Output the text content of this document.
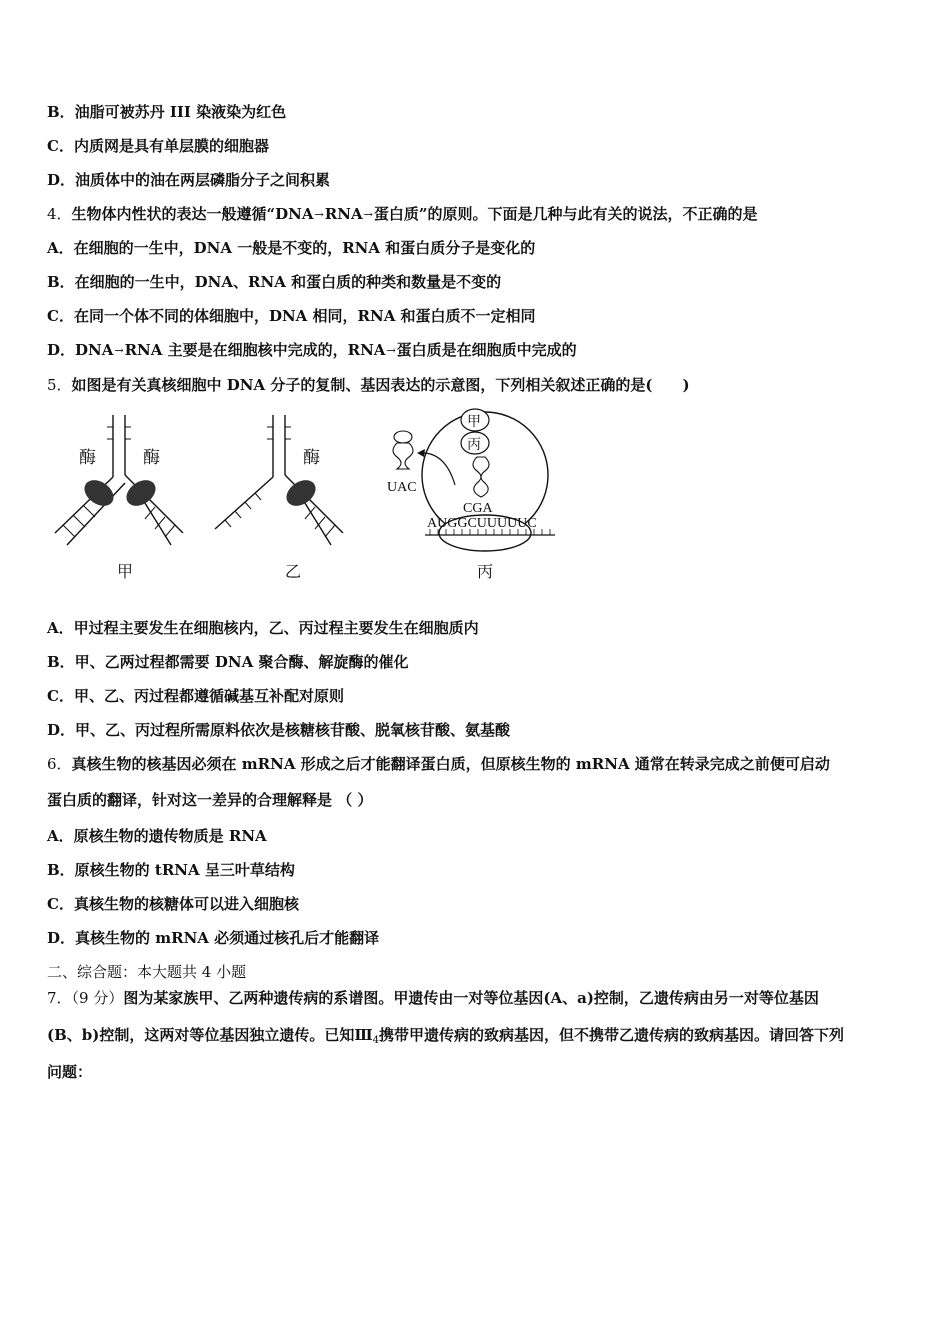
B．油脂可被苏丹 III 染液染为红色
C．内质网是具有单层膜的细胞器
D．油质体中的油在两层磷脂分子之间积累
4．生物体内性状的表达一般遵循“DNA→RNA→蛋白质”的原则。下面是几种与此有关的说法，不正确的是
A．在细胞的一生中，DNA 一般是不变的，RNA 和蛋白质分子是变化的
B．在细胞的一生中，DNA、RNA 和蛋白质的种类和数量是不变的
C．在同一个体不同的体细胞中，DNA 相同，RNA 和蛋白质不一定相同
D．DNA→RNA 主要是在细胞核中完成的，RNA→蛋白质是在细胞质中完成的
5．如图是有关真核细胞中 DNA 分子的复制、基因表达的示意图，下列相关叙述正确的是(　　)
酶	酶
甲
酶
乙
甲
丙
UAC
CGA
AUGGCUUUUUC
丙
A．甲过程主要发生在细胞核内，乙、丙过程主要发生在细胞质内
B．甲、乙两过程都需要 DNA 聚合酶、解旋酶的催化
C．甲、乙、丙过程都遵循碱基互补配对原则
D．甲、乙、丙过程所需原料依次是核糖核苷酸、脱氧核苷酸、氨基酸
6．真核生物的核基因必须在 mRNA 形成之后才能翻译蛋白质，但原核生物的 mRNA 通常在转录完成之前便可启动
蛋白质的翻译，针对这一差异的合理解释是 （ ）
A．原核生物的遗传物质是 RNA
B．原核生物的 tRNA 呈三叶草结构
C．真核生物的核糖体可以进入细胞核
D．真核生物的 mRNA 必须通过核孔后才能翻译
二、综合题：本大题共 4 小题
7．（9 分）图为某家族甲、乙两种遗传病的系谱图。甲遗传由一对等位基因(A、a)控制，乙遗传病由另一对等位基因
(B、b)控制，这两对等位基因独立遗传。已知$Ⅲ_4$携带甲遗传病的致病基因，但不携带乙遗传病的致病基因。请回答下列
问题：
